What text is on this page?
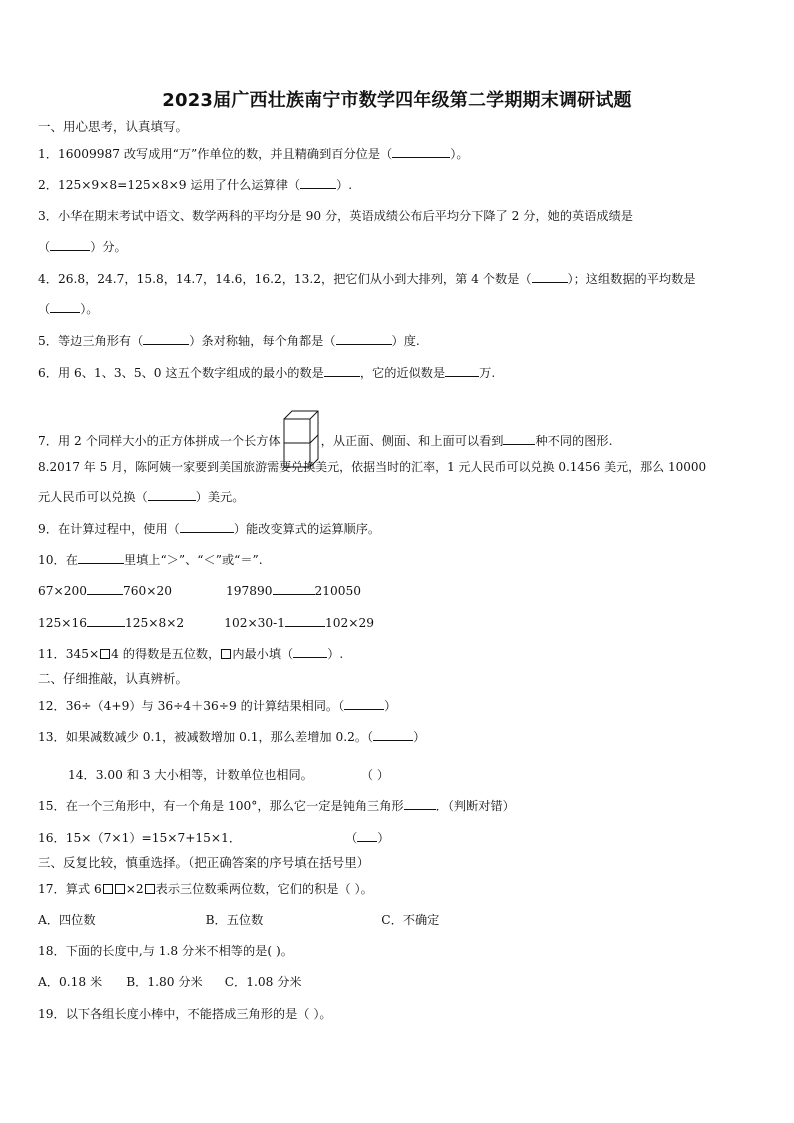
2023届广西壮族南宁市数学四年级第二学期期末调研试题
一、用心思考，认真填写。
1．16009987 改写成用“万”作单位的数，并且精确到百分位是（	）。
2．125×9×8=125×8×9 运用了什么运算律（	）.
3．小华在期末考试中语文、数学两科的平均分是 90 分，英语成绩公布后平均分下降了 2 分，她的英语成绩是
（	）分。
4．26.8，24.7，15.8，14.7，14.6，16.2，13.2，把它们从小到大排列，第 4 个数是（	）；这组数据的平均数是
（ ）。
5．等边三角形有（	）条对称轴，每个角都是（	）度.
6．用 6、1、3、5、0 这五个数字组成的最小的数是	，它的近似数是	万.
7．用 2 个同样大小的正方体拼成一个长方体	，从正面、侧面、和上面可以看到	种不同的图形.
8.2017 年 5 月，陈阿姨一家要到美国旅游需要兑换美元，依据当时的汇率，1 元人民币可以兑换 0.1456 美元，那么 10000
元人民币可以兑换（	）美元。
9．在计算过程中，使用（	）能改变算式的运算顺序。
10．在	里填上“＞”、“＜”或“＝”.
67×200	760×20	197890	210050
125×16	125×8×2	102×30-1	102×29
11．345× 4 的得数是五位数， 内最小填（	）.
二、仔细推敲，认真辨析。
12．36÷（4+9）与 36÷4＋36÷9 的计算结果相同。（	）
13．如果减数减少 0.1，被减数增加 0.1，那么差增加 0.2。（	）
14．3.00 和 3 大小相等，计数单位也相同。	（ ）
15．在一个三角形中，有一个角是 100°，那么它一定是钝角三角形	．（判断对错）
16．15×（7×1）=15×7+15×1．	（ ）
三、反复比较，慎重选择。（把正确答案的序号填在括号里）
17．算式 6 ×2 表示三位数乘两位数，它们的积是（ ）。
A．四位数	B．五位数	C．不确定
18．下面的长度中,与 1.8 分米不相等的是( )。
A．0.18 米 B．1.80 分米 C．1.08 分米
19．以下各组长度小棒中，不能搭成三角形的是（ ）。
